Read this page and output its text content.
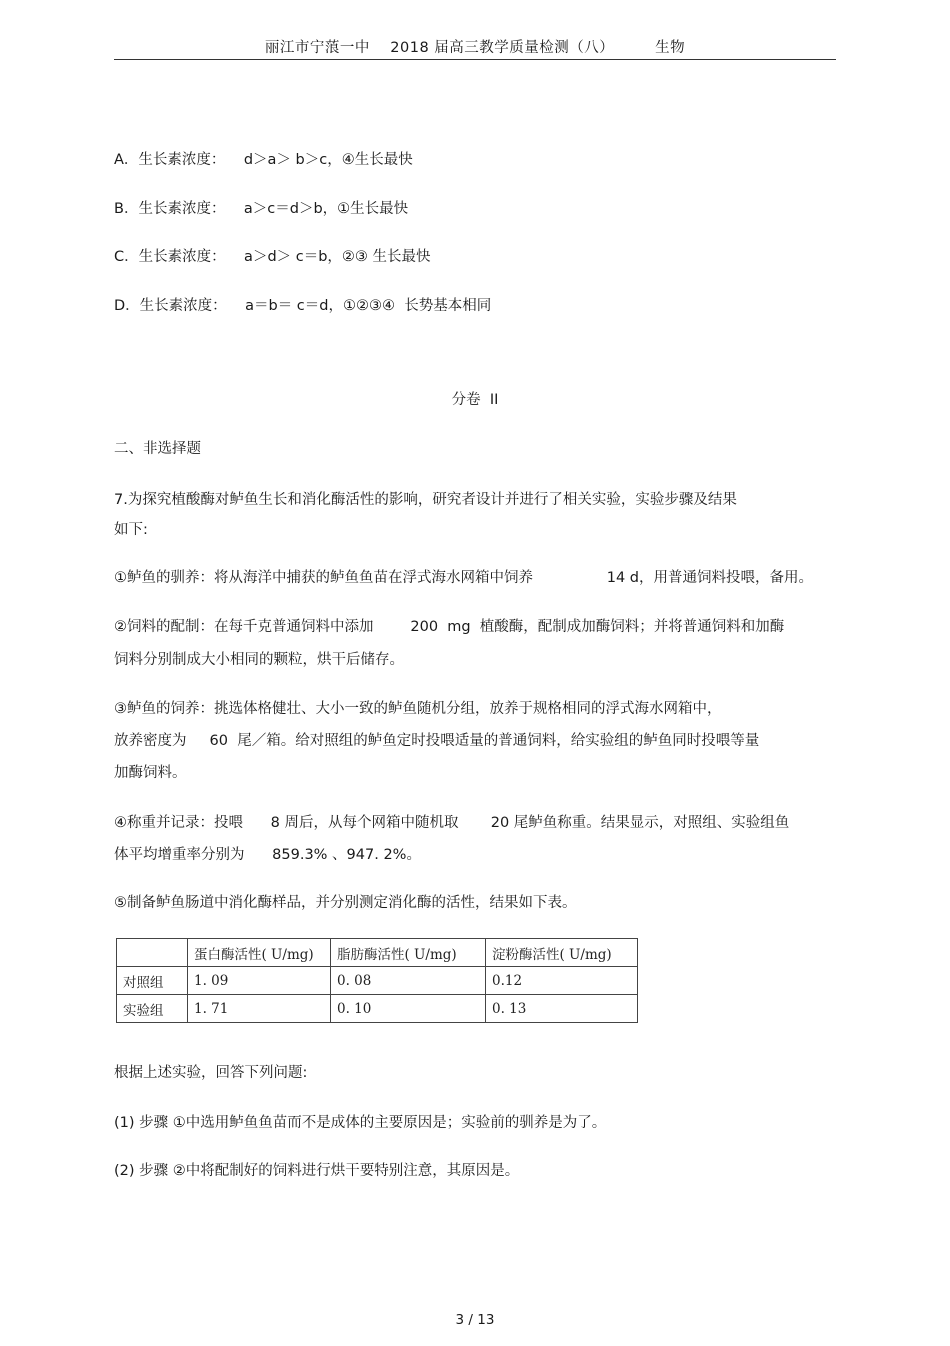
丽江市宁蒗一中    2018 届高三教学质量检测（八）        生物
A．生长素浓度：    d＞a＞ b＞c，④生长最快
B．生长素浓度：    a＞c＝d＞b，①生长最快
C．生长素浓度：    a＞d＞ c＝b，②③ 生长最快
D．生长素浓度：    a＝b＝ c＝d，①②③④  长势基本相同
分卷  II
二、非选择题
7.为探究植酸酶对鲈鱼生长和消化酶活性的影响，研究者设计并进行了相关实验，实验步骤及结果
如下:
①鲈鱼的驯养：将从海洋中捕获的鲈鱼鱼苗在浮式海水网箱中饲养                14 d，用普通饲料投喂，备用。
②饲料的配制：在每千克普通饲料中添加        200  mg  植酸酶，配制成加酶饲料；并将普通饲料和加酶
饲料分别制成大小相同的颗粒，烘干后储存。
③鲈鱼的饲养：挑选体格健壮、大小一致的鲈鱼随机分组，放养于规格相同的浮式海水网箱中，
放养密度为     60  尾／箱。给对照组的鲈鱼定时投喂适量的普通饲料，给实验组的鲈鱼同时投喂等量
加酶饲料。
④称重并记录：投喂      8 周后，从每个网箱中随机取       20 尾鲈鱼称重。结果显示，对照组、实验组鱼
体平均增重率分别为      859.3% 、947. 2%。
⑤制备鲈鱼肠道中消化酶样品，并分别测定消化酶的活性，结果如下表。
	蛋白酶活性( U/mg)	脂肪酶活性( U/mg)	淀粉酶活性( U/mg)
对照组	1. 09	0. 08	0.12
实验组	1. 71	0. 10	0. 13
根据上述实验，回答下列问题:
(1) 步骤 ①中选用鲈鱼鱼苗而不是成体的主要原因是；实验前的驯养是为了。
(2) 步骤 ②中将配制好的饲料进行烘干要特别注意，其原因是。
3 / 13
